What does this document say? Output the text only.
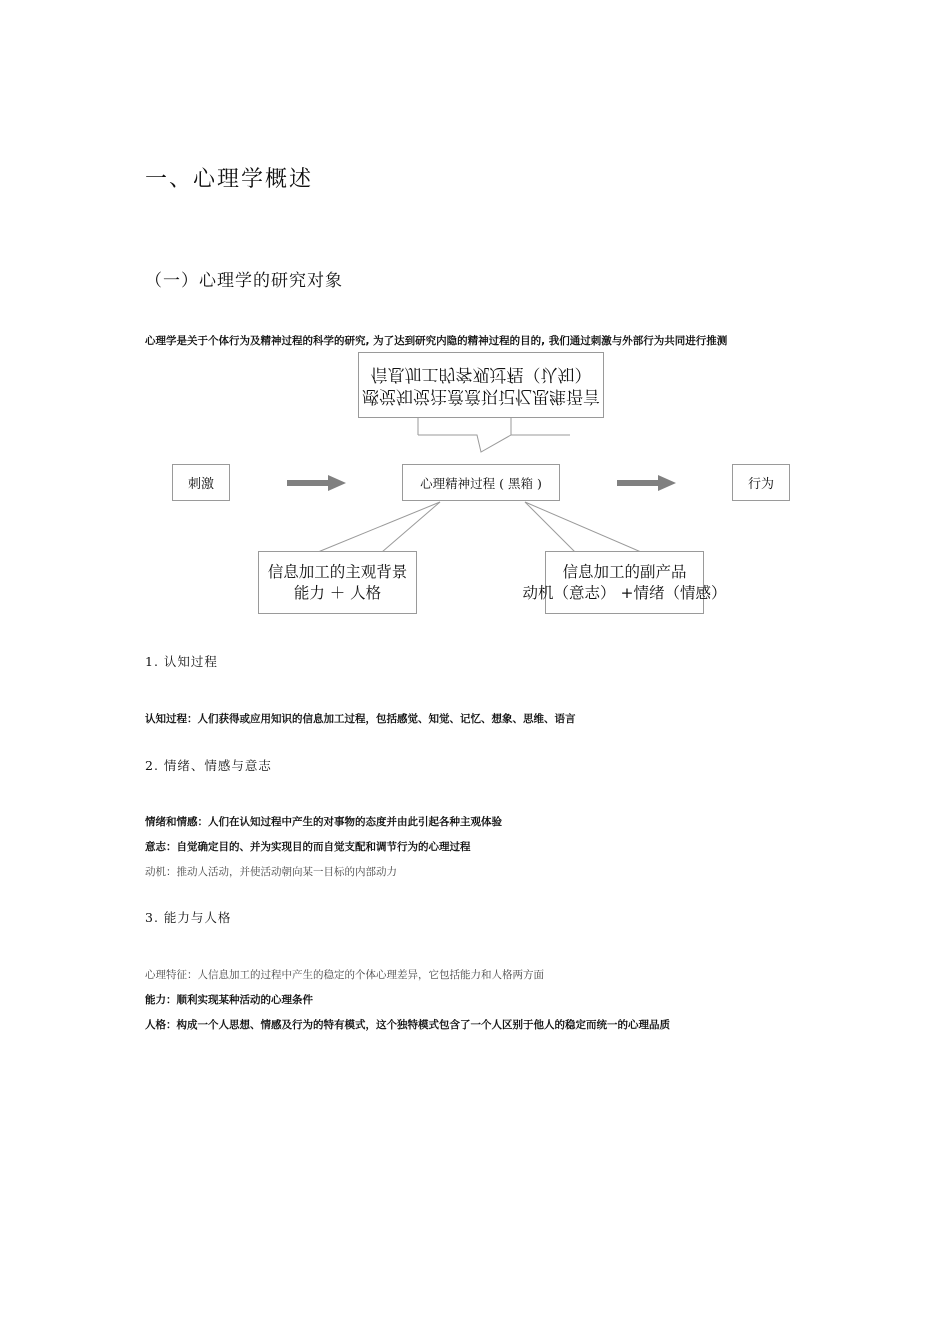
一、心理学概述
（一）心理学的研究对象
心理学是关于个体行为及精神过程的科学的研究, 为了达到研究内隐的精神过程的目的, 我们通过刺激与外部行为共同进行推测
信息加工的客观过程（认知）
感觉知觉注意意识记忆思维语言
刺激	心理精神过程 ( 黑箱 )	行为
信息加工的主观背景
能力 ＋ 人格
信息加工的副产品
动机（意志） +情绪（情感）
1. 认知过程
认知过程：人们获得或应用知识的信息加工过程，包括感觉、知觉、记忆、想象、思维、语言
2. 情绪、情感与意志
情绪和情感：人们在认知过程中产生的对事物的态度并由此引起各种主观体验
意志：自觉确定目的、并为实现目的而自觉支配和调节行为的心理过程
动机：推动人活动，并使活动朝向某一目标的内部动力
3. 能力与人格
心理特征：人信息加工的过程中产生的稳定的个体心理差异，它包括能力和人格两方面
能力：顺利实现某种活动的心理条件
人格：构成一个人思想、情感及行为的特有模式，这个独特模式包含了一个人区别于他人的稳定而统一的心理品质
